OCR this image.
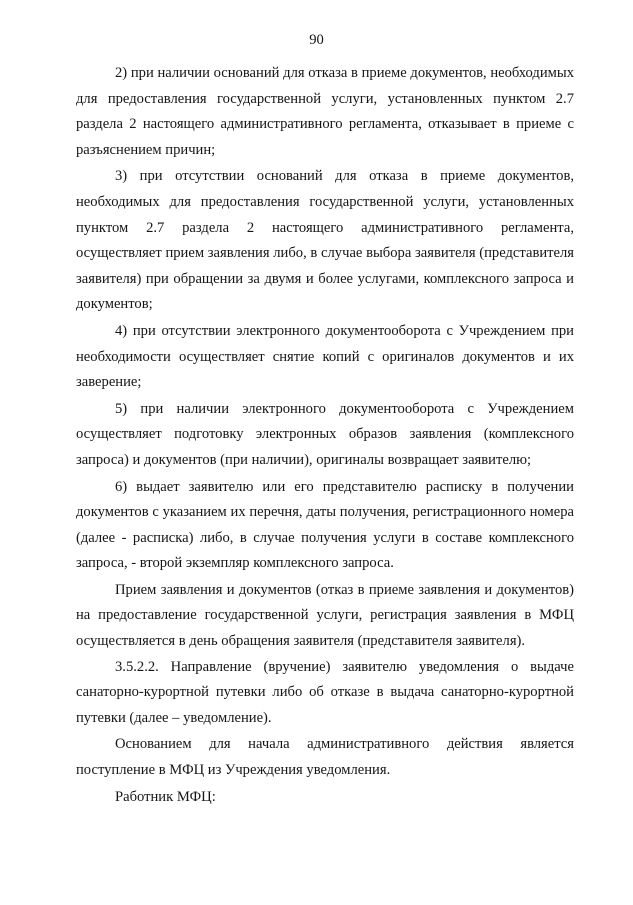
90

2) при наличии оснований для отказа в приеме документов, необходимых для предоставления государственной услуги, установленных пунктом 2.7 раздела 2 настоящего административного регламента, отказывает в приеме с разъяснением причин;

3) при отсутствии оснований для отказа в приеме документов, необходимых для предоставления государственной услуги, установленных пунктом 2.7 раздела 2 настоящего административного регламента, осуществляет прием заявления либо, в случае выбора заявителя (представителя заявителя) при обращении за двумя и более услугами, комплексного запроса и документов;

4) при отсутствии электронного документооборота с Учреждением при необходимости осуществляет снятие копий с оригиналов документов и их заверение;

5) при наличии электронного документооборота с Учреждением осуществляет подготовку электронных образов заявления (комплексного запроса) и документов (при наличии), оригиналы возвращает заявителю;

6) выдает заявителю или его представителю расписку в получении документов с указанием их перечня, даты получения, регистрационного номера (далее - расписка) либо, в случае получения услуги в составе комплексного запроса, - второй экземпляр комплексного запроса.

Прием заявления и документов (отказ в приеме заявления и документов) на предоставление государственной услуги, регистрация заявления в МФЦ осуществляется в день обращения заявителя (представителя заявителя).

3.5.2.2. Направление (вручение) заявителю уведомления о выдаче санаторно-курортной путевки либо об отказе в выдача санаторно-курортной путевки (далее – уведомление).

Основанием для начала административного действия является поступление в МФЦ из Учреждения уведомления.

Работник МФЦ:
